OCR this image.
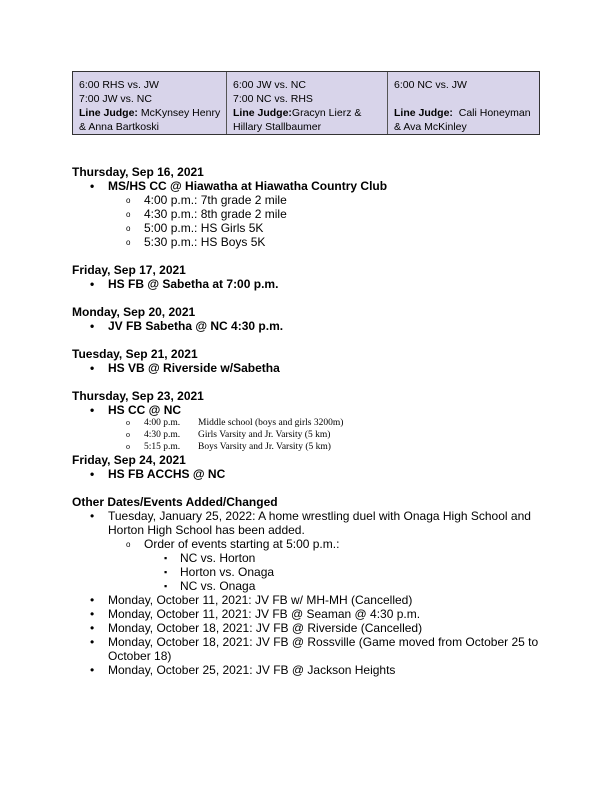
6:00 RHS vs. JW
7:00 JW vs. NC
Line Judge: McKynsey Henry & Anna Bartkoski
6:00 JW vs. NC
7:00 NC vs. RHS
Line Judge:Gracyn Lierz & Hillary Stallbaumer
6:00 NC vs. JW
Line Judge:  Cali Honeyman & Ava McKinley

Thursday, Sep 16, 2021

• MS/HS CC @ Hiawatha at Hiawatha Country Club
o 4:00 p.m.: 7th grade 2 mile
o 4:30 p.m.: 8th grade 2 mile
o 5:00 p.m.: HS Girls 5K
o 5:30 p.m.: HS Boys 5K

Friday, Sep 17, 2021

• HS FB @ Sabetha at 7:00 p.m.

Monday, Sep 20, 2021

• JV FB Sabetha @ NC 4:30 p.m.

Tuesday, Sep 21, 2021

• HS VB @ Riverside w/Sabetha

Thursday, Sep 23, 2021

• HS CC @ NC
o 4:00 p.m. Middle school (boys and girls 3200m)
o 4:30 p.m. Girls Varsity and Jr. Varsity (5 km)
o 5:15 p.m. Boys Varsity and Jr. Varsity (5 km)

Friday, Sep 24, 2021

• HS FB ACCHS @ NC

Other Dates/Events Added/Changed

• Tuesday, January 25, 2022: A home wrestling duel with Onaga High School and Horton High School has been added.
o Order of events starting at 5:00 p.m.:
▪ NC vs. Horton
▪ Horton vs. Onaga
▪ NC vs. Onaga
• Monday, October 11, 2021: JV FB w/ MH-MH (Cancelled)
• Monday, October 11, 2021: JV FB @ Seaman @ 4:30 p.m.
• Monday, October 18, 2021: JV FB @ Riverside (Cancelled)
• Monday, October 18, 2021: JV FB @ Rossville (Game moved from October 25 to October 18)
• Monday, October 25, 2021: JV FB @ Jackson Heights
